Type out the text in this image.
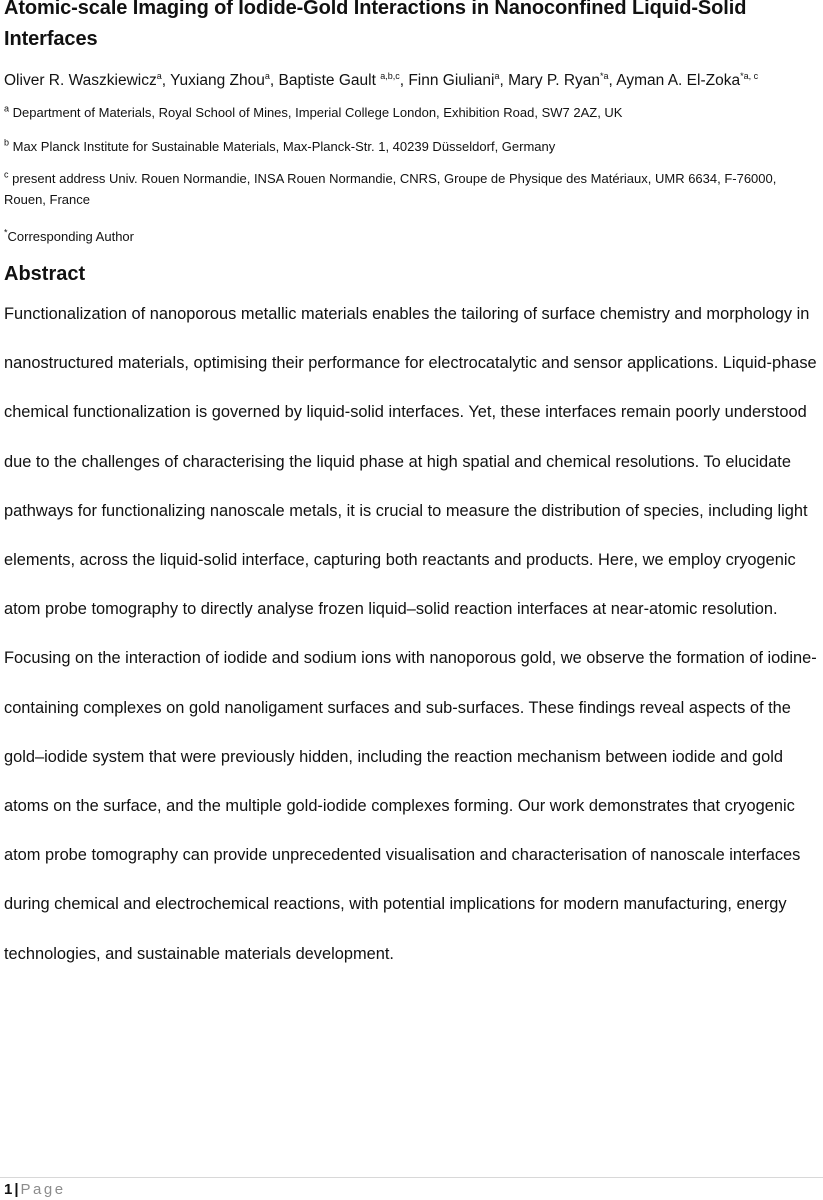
Atomic-scale Imaging of Iodide-Gold Interactions in Nanoconfined Liquid-Solid Interfaces

Oliver R. Waszkiewicz$^a$, Yuxiang Zhou$^a$, Baptiste Gault $^{a,b,c}$, Finn Giuliani$^a$, Mary P. Ryan$^{*a}$, Ayman A. El-Zoka$^{*a, c}$

$^a$ Department of Materials, Royal School of Mines, Imperial College London, Exhibition Road, SW7 2AZ, UK

$^b$ Max Planck Institute for Sustainable Materials, Max-Planck-Str. 1, 40239 Düsseldorf, Germany

$^c$ present address Univ. Rouen Normandie, INSA Rouen Normandie, CNRS, Groupe de Physique des Matériaux, UMR 6634, F-76000, Rouen, France

*Corresponding Author

Abstract

Functionalization of nanoporous metallic materials enables the tailoring of surface chemistry and morphology in nanostructured materials, optimising their performance for electrocatalytic and sensor applications. Liquid-phase chemical functionalization is governed by liquid-solid interfaces. Yet, these interfaces remain poorly understood due to the challenges of characterising the liquid phase at high spatial and chemical resolutions. To elucidate pathways for functionalizing nanoscale metals, it is crucial to measure the distribution of species, including light elements, across the liquid-solid interface, capturing both reactants and products. Here, we employ cryogenic atom probe tomography to directly analyse frozen liquid–solid reaction interfaces at near-atomic resolution. Focusing on the interaction of iodide and sodium ions with nanoporous gold, we observe the formation of iodine-containing complexes on gold nanoligament surfaces and sub-surfaces. These findings reveal aspects of the gold–iodide system that were previously hidden, including the reaction mechanism between iodide and gold atoms on the surface, and the multiple gold-iodide complexes forming. Our work demonstrates that cryogenic atom probe tomography can provide unprecedented visualisation and characterisation of nanoscale interfaces during chemical and electrochemical reactions, with potential implications for modern manufacturing, energy technologies, and sustainable materials development.

1 | Page
